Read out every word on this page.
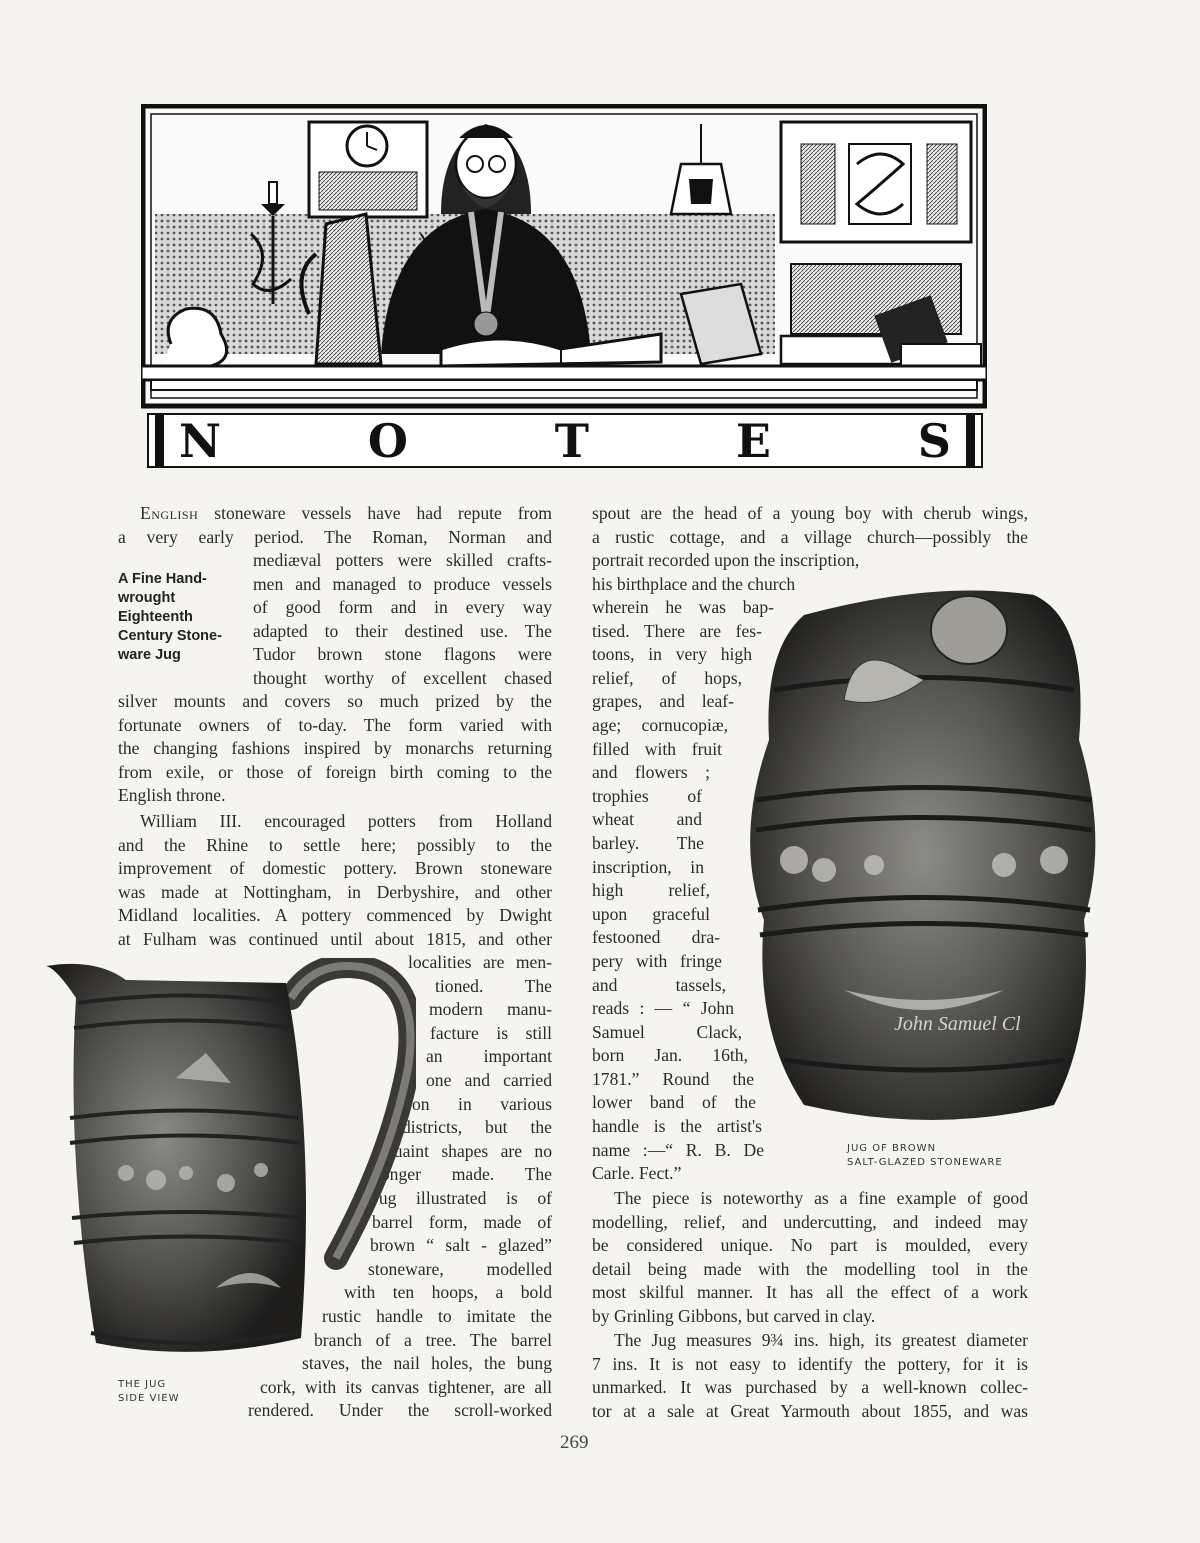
N	O	T	E	S
English stoneware vessels have had repute from
a very early period. The Roman, Norman and
A Fine Hand-wrought Eighteenth Century Stone-ware Jug
mediæval potters were skilled crafts-
men and managed to produce vessels
of good form and in every way
adapted to their destined use. The
Tudor brown stone flagons were
thought worthy of excellent chased
silver mounts and covers so much prized by the
fortunate owners of to-day. The form varied with
the changing fashions inspired by monarchs returning
from exile, or those of foreign birth coming to the
English throne.
William III. encouraged potters from Holland
and the Rhine to settle here; possibly to the
improvement of domestic pottery. Brown stoneware
was made at Nottingham, in Derbyshire, and other
Midland localities. A pottery commenced by Dwight
at Fulham was continued until about 1815, and other
localities are men-
tioned. The
modern manu-
facture is still
an important
one and carried
on in various
districts, but the
quaint shapes are no
longer made. The
Jug illustrated is of
barrel form, made of
brown “ salt - glazed”
stoneware, modelled
with ten hoops, a bold
rustic handle to imitate the
branch of a tree. The barrel
staves, the nail holes, the bung
cork, with its canvas tightener, are all
rendered. Under the scroll-worked
THE JUG
SIDE VIEW
spout are the head of a young boy with cherub wings,
a rustic cottage, and a village church—possibly the
portrait recorded upon the inscription,
his birthplace and the church
wherein he was bap-
tised. There are fes-
toons, in very high
relief, of hops,
grapes, and leaf-
age; cornucopiæ,
filled with fruit
and flowers ;
trophies of
wheat and
barley. The
inscription, in
high relief,
upon graceful
festooned dra-
pery with fringe
and tassels,
reads : — “ John
Samuel Clack,
born Jan. 16th,
1781.” Round the
lower band of the
handle is the artist's
name :—“ R. B. De
Carle. Fect.”
John Samuel Cl
JUG OF BROWN
SALT-GLAZED STONEWARE
The piece is noteworthy as a fine example of good
modelling, relief, and undercutting, and indeed may
be considered unique. No part is moulded, every
detail being made with the modelling tool in the
most skilful manner. It has all the effect of a work
by Grinling Gibbons, but carved in clay.
The Jug measures 9¾ ins. high, its greatest diameter
7 ins. It is not easy to identify the pottery, for it is
unmarked. It was purchased by a well-known collec-
tor at a sale at Great Yarmouth about 1855, and was
269
